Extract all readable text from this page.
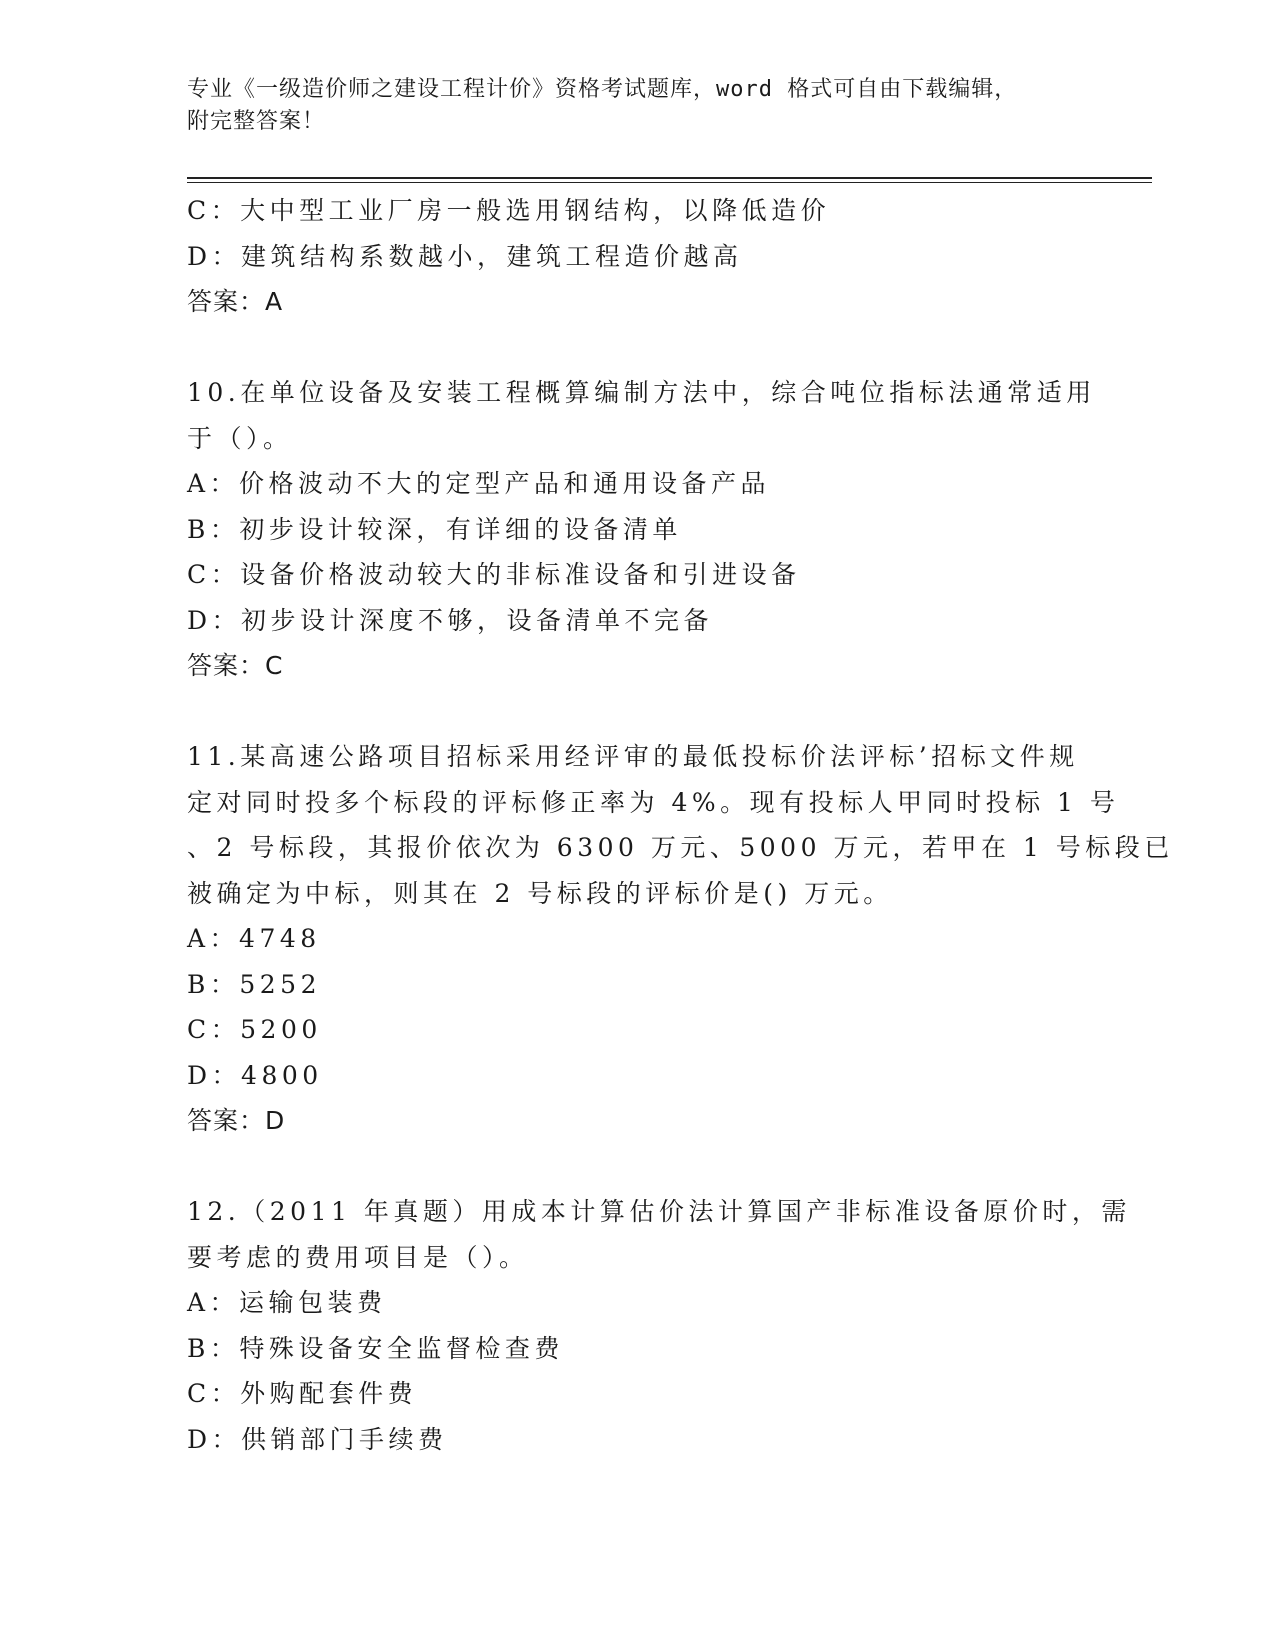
专业《一级造价师之建设工程计价》资格考试题库，word 格式可自由下载编辑，
附完整答案！
C：大中型工业厂房一般选用钢结构，以降低造价
D：建筑结构系数越小，建筑工程造价越高
答案：A
10.在单位设备及安装工程概算编制方法中，综合吨位指标法通常适用
于（）。
A：价格波动不大的定型产品和通用设备产品
B：初步设计较深，有详细的设备清单
C：设备价格波动较大的非标准设备和引进设备
D：初步设计深度不够，设备清单不完备
答案：C
11.某高速公路项目招标采用经评审的最低投标价法评标’招标文件规
定对同时投多个标段的评标修正率为 4%。现有投标人甲同时投标 1 号
、2 号标段，其报价依次为 6300 万元、5000 万元，若甲在 1 号标段已
被确定为中标，则其在 2 号标段的评标价是() 万元。
A：4748
B：5252
C：5200
D：4800
答案：D
12.（2011 年真题）用成本计算估价法计算国产非标准设备原价时，需
要考虑的费用项目是（）。
A：运输包装费
B：特殊设备安全监督检查费
C：外购配套件费
D：供销部门手续费
